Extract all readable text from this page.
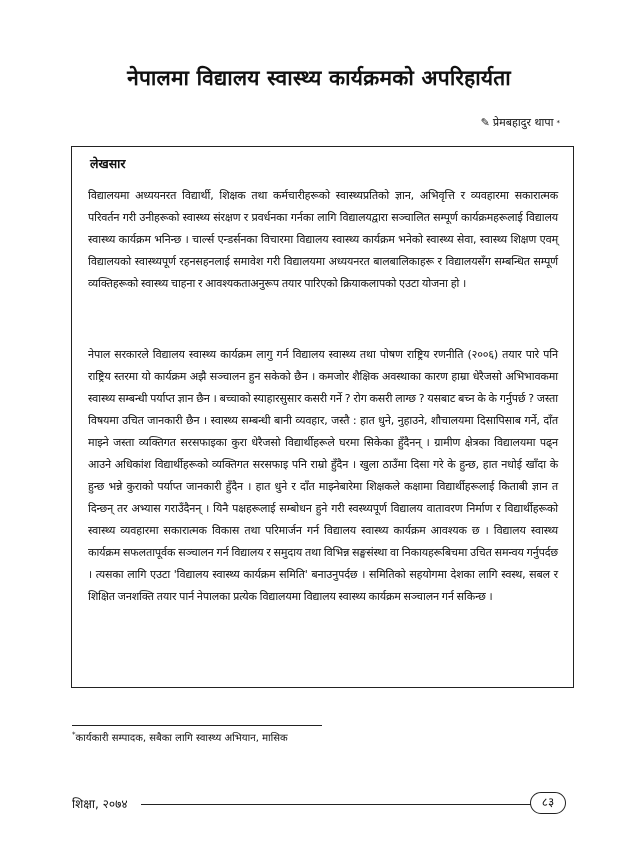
नेपालमा विद्यालय स्वास्थ्य कार्यक्रमको अपरिहार्यता
✎ प्रेमबहादुर थापा *
लेखसार
विद्यालयमा अध्ययनरत विद्यार्थी, शिक्षक तथा कर्मचारीहरूको स्वास्थ्यप्रतिको ज्ञान, अभिवृत्ति र व्यवहारमा सकारात्मक परिवर्तन गरी उनीहरूको स्वास्थ्य संरक्षण र प्रवर्धनका गर्नका लागि विद्यालयद्वारा सञ्चालित सम्पूर्ण कार्यक्रमहरूलाई विद्यालय स्वास्थ्य कार्यक्रम भनिन्छ । चार्ल्स एन्डर्सनका विचारमा विद्यालय स्वास्थ्य कार्यक्रम भनेको स्वास्थ्य सेवा, स्वास्थ्य शिक्षण एवम् विद्यालयको स्वास्थ्यपूर्ण रहनसहनलाई समावेश गरी विद्यालयमा अध्ययनरत बालबालिकाहरू र विद्यालयसँग सम्बन्धित सम्पूर्ण व्यक्तिहरूको स्वास्थ्य चाहना र आवश्यकताअनुरूप तयार पारिएको क्रियाकलापको एउटा योजना हो ।
नेपाल सरकारले विद्यालय स्वास्थ्य कार्यक्रम लागु गर्न विद्यालय स्वास्थ्य तथा पोषण राष्ट्रिय रणनीति (२००६) तयार पारे पनि राष्ट्रिय स्तरमा यो कार्यक्रम अझै सञ्चालन हुन सकेको छैन । कमजोर शैक्षिक अवस्थाका कारण हाम्रा धेरैजसो अभिभावकमा स्वास्थ्य सम्बन्धी पर्याप्त ज्ञान छैन । बच्चाको स्याहारसुसार कसरी गर्ने ? रोग कसरी लाग्छ ? यसबाट बच्न के के गर्नुपर्छ ? जस्ता विषयमा उचित जानकारी छैन । स्वास्थ्य सम्बन्धी बानी व्यवहार, जस्तै : हात धुने, नुहाउने, शौचालयमा दिसापिसाब गर्ने, दाँत माझ्ने जस्ता व्यक्तिगत सरसफाइका कुरा धेरैजसो विद्यार्थीहरूले घरमा सिकेका हुँदैनन् । ग्रामीण क्षेत्रका विद्यालयमा पढ्न आउने अधिकांश विद्यार्थीहरूको व्यक्तिगत सरसफाइ पनि राम्रो हुँदैन । खुला ठाउँमा दिसा गरे के हुन्छ, हात नधोई खाँदा के हुन्छ भन्ने कुराको पर्याप्त जानकारी हुँदैन । हात धुने र दाँत माझ्नेबारेमा शिक्षकले कक्षामा विद्यार्थीहरूलाई किताबी ज्ञान त दिन्छन् तर अभ्यास गराउँदैनन् । यिनै पक्षहरूलाई सम्बोधन हुने गरी स्वस्थ्यपूर्ण विद्यालय वातावरण निर्माण र विद्यार्थीहरूको स्वास्थ्य व्यवहारमा सकारात्मक विकास तथा परिमार्जन गर्न विद्यालय स्वास्थ्य कार्यक्रम आवश्यक छ । विद्यालय स्वास्थ्य कार्यक्रम सफलतापूर्वक सञ्चालन गर्न विद्यालय र समुदाय तथा विभिन्न सङ्घसंस्था वा निकायहरूबिचमा उचित समन्वय गर्नुपर्दछ । त्यसका लागि एउटा 'विद्यालय स्वास्थ्य कार्यक्रम समिति' बनाउनुपर्दछ । समितिको सहयोगमा देशका लागि स्वस्थ, सबल र शिक्षित जनशक्ति तयार पार्न नेपालका प्रत्येक विद्यालयमा विद्यालय स्वास्थ्य कार्यक्रम सञ्चालन गर्न सकिन्छ ।
*कार्यकारी सम्पादक, सबैका लागि स्वास्थ्य अभियान, मासिक
शिक्षा, २०७४	८३
